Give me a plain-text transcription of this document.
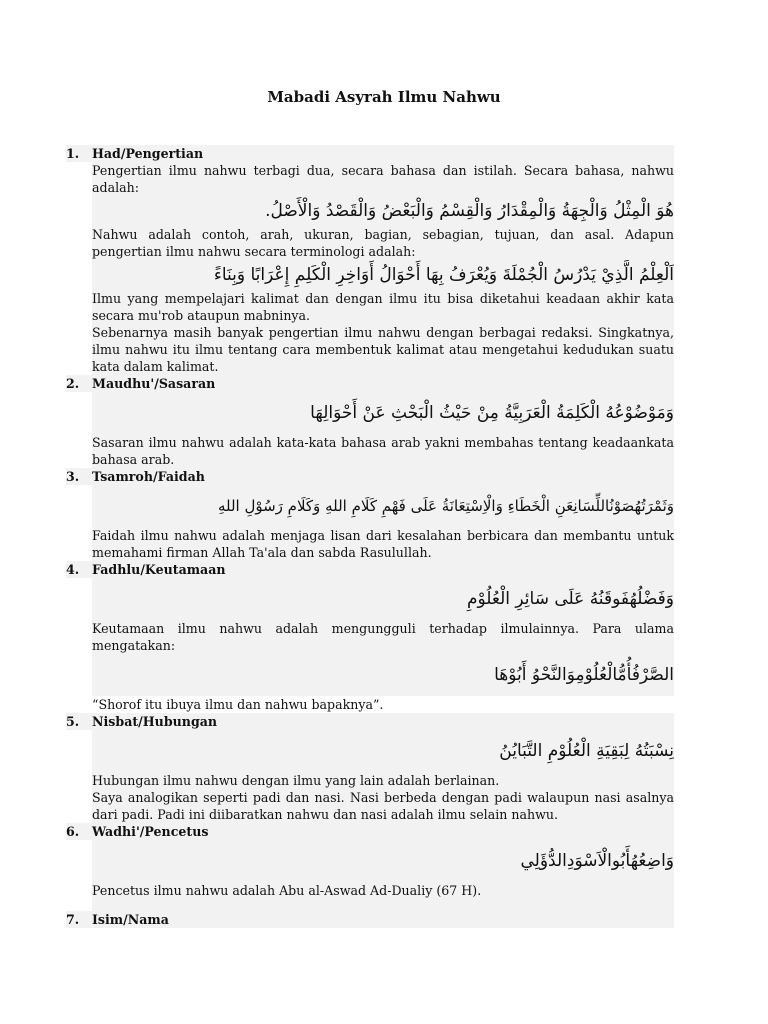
Mabadi Asyrah Ilmu Nahwu
1.	Had/Pengertian

Pengertian ilmu nahwu terbagi dua, secara bahasa dan istilah. Secara bahasa, nahwu adalah:

هُوَ الْمِثْلُ وَالْجِهَةُ وَالْمِقْدَارُ وَالْقِسْمُ وَالْبَعْضُ وَالْقَصْدُ وَالْأَصْلُ.

Nahwu adalah contoh, arah, ukuran, bagian, sebagian, tujuan, dan asal. Adapun pengertian ilmu nahwu secara terminologi adalah:

اَلْعِلْمُ الَّذِيْ يَدْرُسُ الْجُمْلَةَ وَيُعْرَفُ بِهَا أَحْوَالُ أَوَاخِرِ الْكَلِمِ إِعْرَابًا وَبِنَاءً

Ilmu yang mempelajari kalimat dan dengan ilmu itu bisa diketahui keadaan akhir kata secara mu'rob ataupun mabninya.

Sebenarnya masih banyak pengertian ilmu nahwu dengan berbagai redaksi. Singkatnya, ilmu nahwu itu ilmu tentang cara membentuk kalimat atau mengetahui kedudukan suatu kata dalam kalimat.

2.	Maudhu'/Sasaran
وَمَوْضُوْعُهُ الْكَلِمَةُ الْعَرَبِيَّةُ مِنْ حَيْثُ الْبَحْثِ عَنْ أَحْوَالِهَا

Sasaran ilmu nahwu adalah kata-kata bahasa arab yakni membahas tentang keadaankata bahasa arab.

3.	Tsamroh/Faidah
وَثَمْرَتُهُصَوْنُاللِّسَانِعَنِ الْخَطَاءِ وَالْاِسْتِعَانَةُ عَلَى فَهْمِ كَلَامِ اللهِ وَكَلَامِ رَسُوْلِ اللهِ

Faidah ilmu nahwu adalah menjaga lisan dari kesalahan berbicara dan membantu untuk memahami firman Allah Ta'ala dan sabda Rasulullah.

4.	Fadhlu/Keutamaan
وَفَضْلُهُفَوقَنُهُ عَلَى سَائِرِ الْعُلُوْمِ

Keutamaan ilmu nahwu adalah mengungguli terhadap ilmulainnya. Para ulama mengatakan:

الصَّرْفُأُمُّالْعُلُوْمِوَالنَّحْوُ أَبُوْهَا

“Shorof itu ibuya ilmu dan nahwu bapaknya”.

5.	Nisbat/Hubungan
نِسْبَتُهُ لِبَقِيَةِ الْعُلُوْمِ التَّبَايُنُ

Hubungan ilmu nahwu dengan ilmu yang lain adalah berlainan.

Saya analogikan seperti padi dan nasi. Nasi berbeda dengan padi walaupun nasi asalnya dari padi. Padi ini diibaratkan nahwu dan nasi adalah ilmu selain nahwu.

6.	Wadhi'/Pencetus
وَاضِعُهُأَبُوالْاَسْوَدِالدُّؤَلِي

Pencetus ilmu nahwu adalah Abu al-Aswad Ad-Dualiy (67 H).

7.	Isim/Nama
